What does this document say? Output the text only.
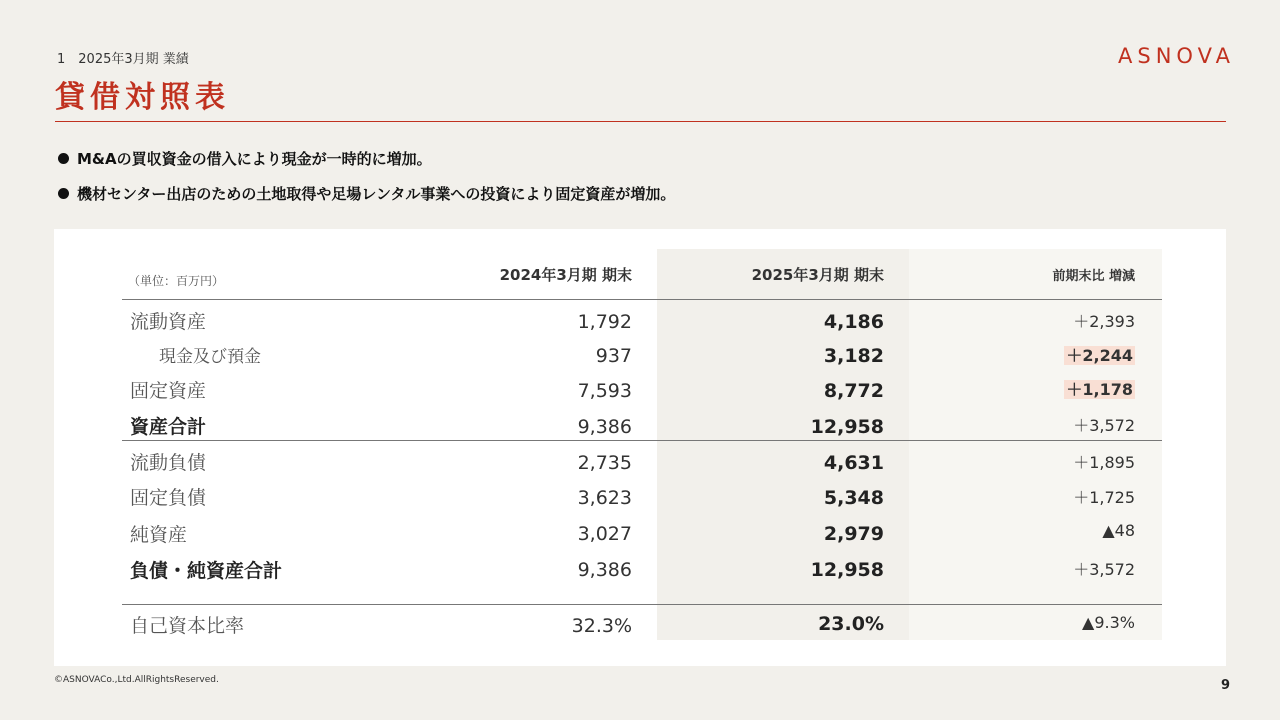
1　2025年3月期 業績
貸借対照表
ASNOVA
M&Aの買収資金の借入により現金が一時的に増加。
機材センター出店のための土地取得や足場レンタル事業への投資により固定資産が増加。
（単位：百万円）	2024年3月期 期末	2025年3月期 期末	前期末比 増減
流動資産	1,792	4,186	＋2,393
現金及び預金	937	3,182	＋2,244
固定資産	7,593	8,772	＋1,178
資産合計	9,386	12,958	＋3,572
流動負債	2,735	4,631	＋1,895
固定負債	3,623	5,348	＋1,725
純資産	3,027	2,979	▲48
負債・純資産合計	9,386	12,958	＋3,572
自己資本比率	32.3%	23.0%	▲9.3%
©ASNOVACo.,Ltd.AllRightsReserved.	9
